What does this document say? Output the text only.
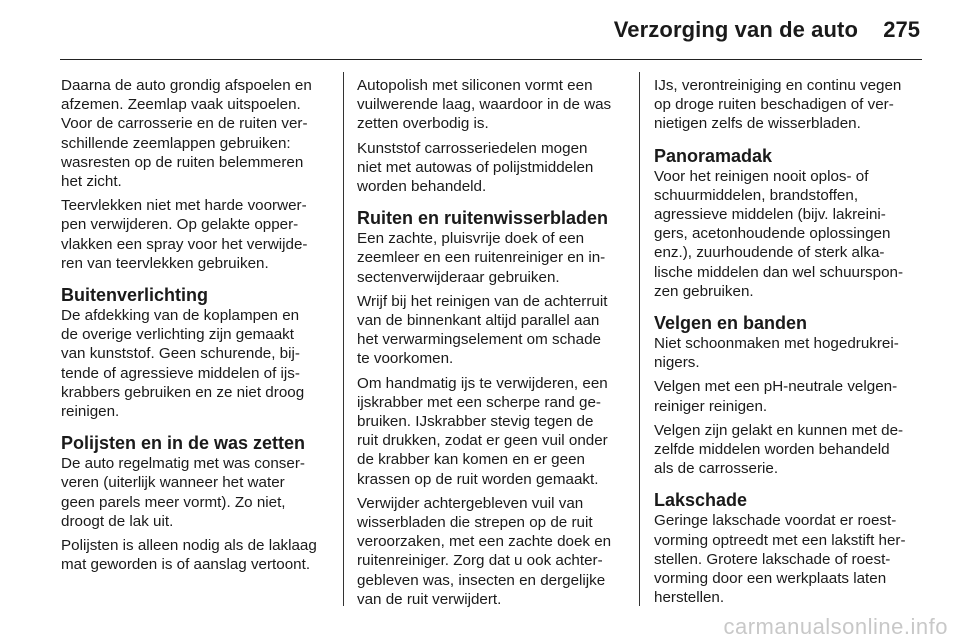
Verzorging van de auto 275

Daarna de auto grondig afspoelen en
afzemen. Zeemlap vaak uitspoelen.
Voor de carrosserie en de ruiten ver-
schillende zeemlappen gebruiken:
wasresten op de ruiten belemmeren
het zicht.

Teervlekken niet met harde voorwer-
pen verwijderen. Op gelakte opper-
vlakken een spray voor het verwijde-
ren van teervlekken gebruiken.

Buitenverlichting

De afdekking van de koplampen en
de overige verlichting zijn gemaakt
van kunststof. Geen schurende, bij-
tende of agressieve middelen of ijs-
krabbers gebruiken en ze niet droog
reinigen.

Polijsten en in de was zetten

De auto regelmatig met was conser-
veren (uiterlijk wanneer het water
geen parels meer vormt). Zo niet,
droogt de lak uit.

Polijsten is alleen nodig als de laklaag
mat geworden is of aanslag vertoont.

Autopolish met siliconen vormt een
vuilwerende laag, waardoor in de was
zetten overbodig is.

Kunststof carrosseriedelen mogen
niet met autowas of polijstmiddelen
worden behandeld.

Ruiten en ruitenwisserbladen

Een zachte, pluisvrije doek of een
zeemleer en een ruitenreiniger en in-
sectenverwijderaar gebruiken.

Wrijf bij het reinigen van de achterruit
van de binnenkant altijd parallel aan
het verwarmingselement om schade
te voorkomen.

Om handmatig ijs te verwijderen, een
ijskrabber met een scherpe rand ge-
bruiken. IJskrabber stevig tegen de
ruit drukken, zodat er geen vuil onder
de krabber kan komen en er geen
krassen op de ruit worden gemaakt.

Verwijder achtergebleven vuil van
wisserbladen die strepen op de ruit
veroorzaken, met een zachte doek en
ruitenreiniger. Zorg dat u ook achter-
gebleven was, insecten en dergelijke
van de ruit verwijdert.

IJs, verontreiniging en continu vegen
op droge ruiten beschadigen of ver-
nietigen zelfs de wisserbladen.

Panoramadak

Voor het reinigen nooit oplos- of
schuurmiddelen, brandstoffen,
agressieve middelen (bijv. lakreini-
gers, acetonhoudende oplossingen
enz.), zuurhoudende of sterk alka-
lische middelen dan wel schuurspon-
zen gebruiken.

Velgen en banden

Niet schoonmaken met hogedrukrei-
nigers.

Velgen met een pH-neutrale velgen-
reiniger reinigen.

Velgen zijn gelakt en kunnen met de-
zelfde middelen worden behandeld
als de carrosserie.

Lakschade

Geringe lakschade voordat er roest-
vorming optreedt met een lakstift her-
stellen. Grotere lakschade of roest-
vorming door een werkplaats laten
herstellen.

carmanualsonline.info
